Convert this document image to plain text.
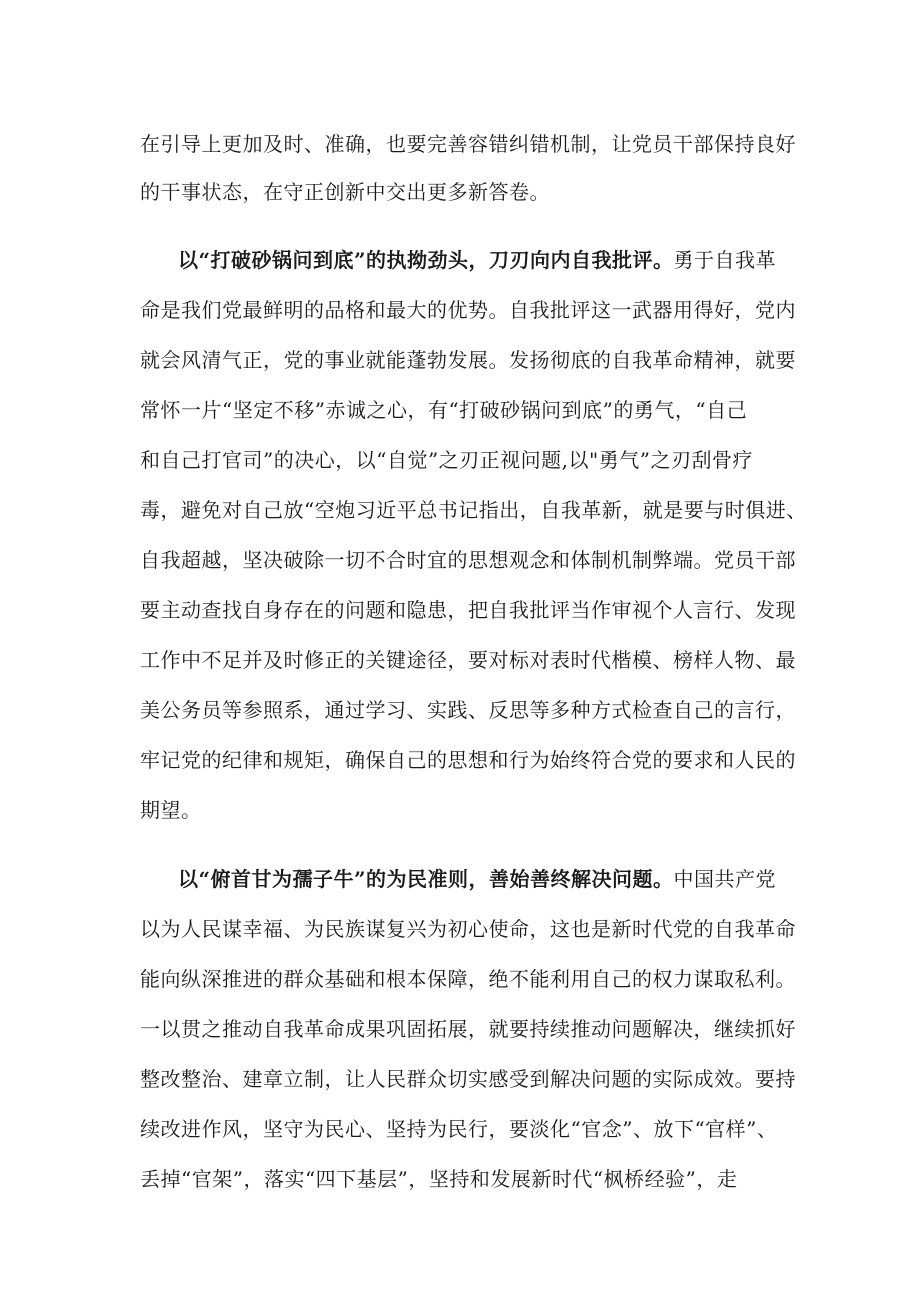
在引导上更加及时、准确，也要完善容错纠错机制，让党员干部保持良好
的干事状态，在守正创新中交出更多新答卷。
以“打破砂锅问到底”的执拗劲头，刀刃向内自我批评。勇于自我革
命是我们党最鲜明的品格和最大的优势。自我批评这一武器用得好，党内
就会风清气正，党的事业就能蓬勃发展。发扬彻底的自我革命精神，就要
常怀一片“坚定不移”赤诚之心，有“打破砂锅问到底”的勇气，“自己
和自己打官司”的决心，以“自觉”之刃正视问题,以"勇气”之刃刮骨疗
毒，避免对自己放“空炮习近平总书记指出，自我革新，就是要与时俱进、
自我超越，坚决破除一切不合时宜的思想观念和体制机制弊端。党员干部
要主动查找自身存在的问题和隐患，把自我批评当作审视个人言行、发现
工作中不足并及时修正的关键途径，要对标对表时代楷模、榜样人物、最
美公务员等参照系，通过学习、实践、反思等多种方式检查自己的言行，
牢记党的纪律和规矩，确保自己的思想和行为始终符合党的要求和人民的
期望。
以“俯首甘为孺子牛”的为民准则，善始善终解决问题。中国共产党
以为人民谋幸福、为民族谋复兴为初心使命，这也是新时代党的自我革命
能向纵深推进的群众基础和根本保障，绝不能利用自己的权力谋取私利。
一以贯之推动自我革命成果巩固拓展，就要持续推动问题解决，继续抓好
整改整治、建章立制，让人民群众切实感受到解决问题的实际成效。要持
续改进作风，坚守为民心、坚持为民行，要淡化“官念”、放下“官样”、
丢掉“官架”，落实“四下基层”，坚持和发展新时代“枫桥经验”，走
